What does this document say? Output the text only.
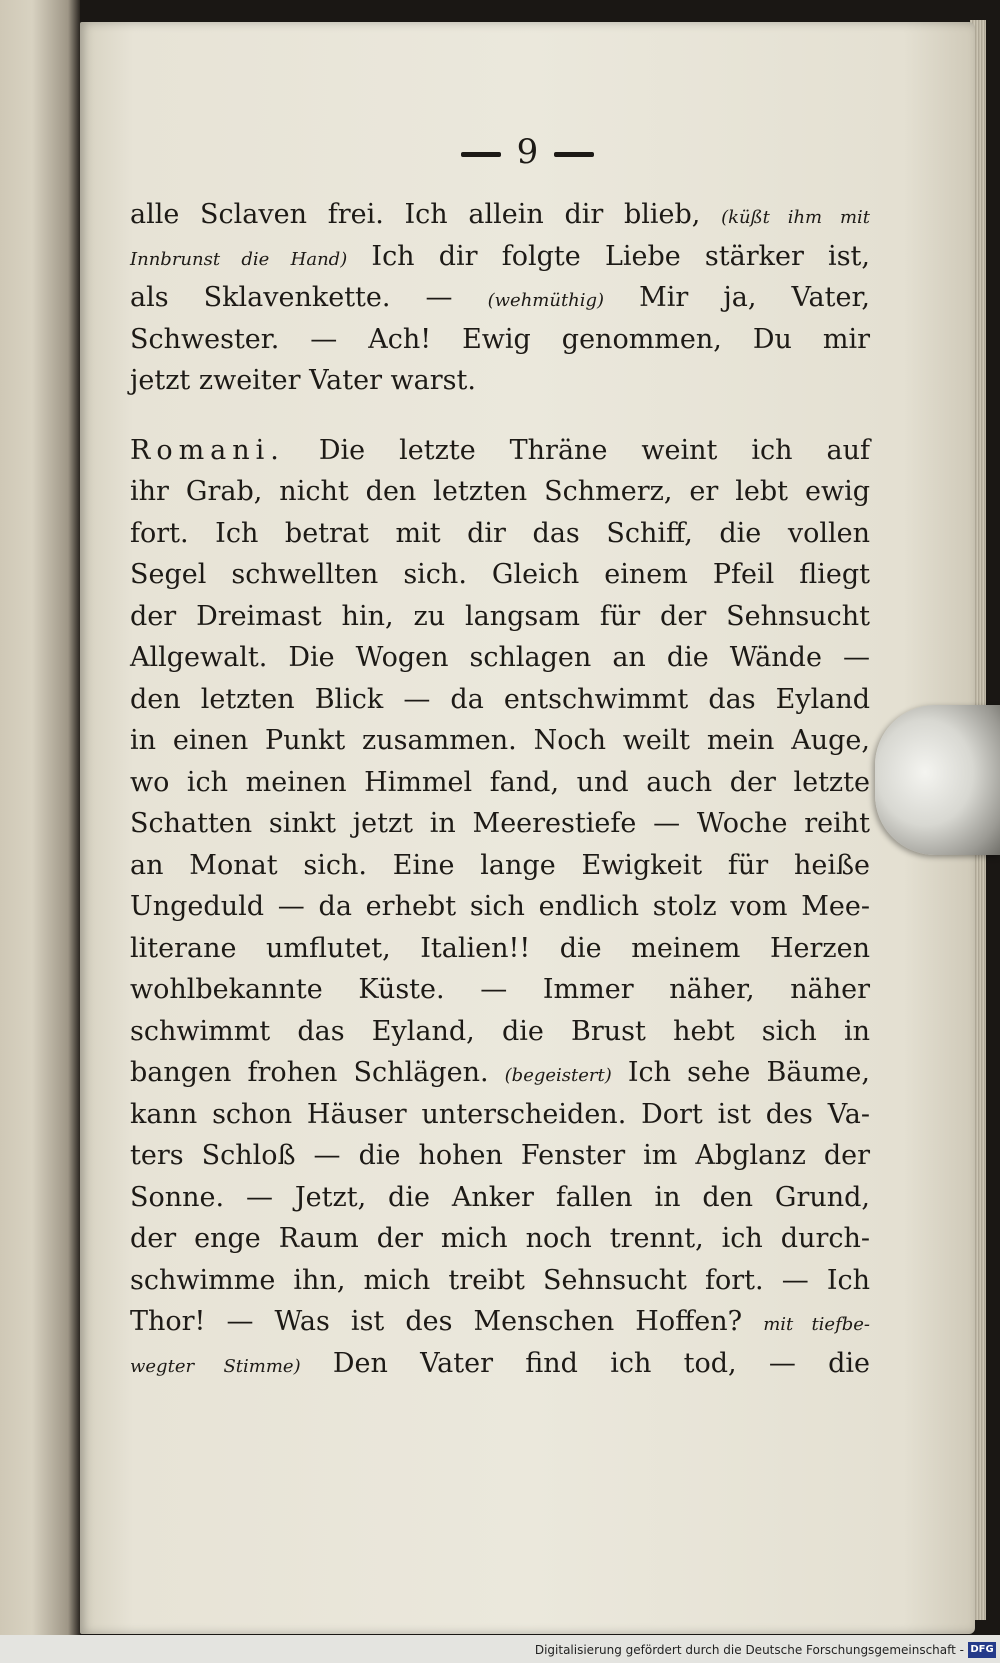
9
alle Sclaven frei. Ich allein dir blieb, (küßt ihm mit
Innbrunst die Hand) Ich dir folgte Liebe stärker ist,
als Sklavenkette. — (wehmüthig) Mir ja, Vater,
Schwester. — Ach! Ewig genommen, Du mir
jetzt zweiter Vater warst.
Romani. Die letzte Thräne weint ich auf
ihr Grab, nicht den letzten Schmerz, er lebt ewig
fort. Ich betrat mit dir das Schiff, die vollen
Segel schwellten sich. Gleich einem Pfeil fliegt
der Dreimast hin, zu langsam für der Sehnsucht
Allgewalt. Die Wogen schlagen an die Wände —
den letzten Blick — da entschwimmt das Eyland
in einen Punkt zusammen. Noch weilt mein Auge,
wo ich meinen Himmel fand, und auch der letzte
Schatten sinkt jetzt in Meerestiefe — Woche reiht
an Monat sich. Eine lange Ewigkeit für heiße
Ungeduld — da erhebt sich endlich stolz vom Mee-
literane umflutet, Italien!! die meinem Herzen
wohlbekannte Küste. — Immer näher, näher
schwimmt das Eyland, die Brust hebt sich in
bangen frohen Schlägen. (begeistert) Ich sehe Bäume,
kann schon Häuser unterscheiden. Dort ist des Va-
ters Schloß — die hohen Fenster im Abglanz der
Sonne. — Jetzt, die Anker fallen in den Grund,
der enge Raum der mich noch trennt, ich durch-
schwimme ihn, mich treibt Sehnsucht fort. — Ich
Thor! — Was ist des Menschen Hoffen? mit tiefbe-
wegter Stimme) Den Vater find ich tod, — die
Digitalisierung gefördert durch die Deutsche Forschungsgemeinschaft - DFG
